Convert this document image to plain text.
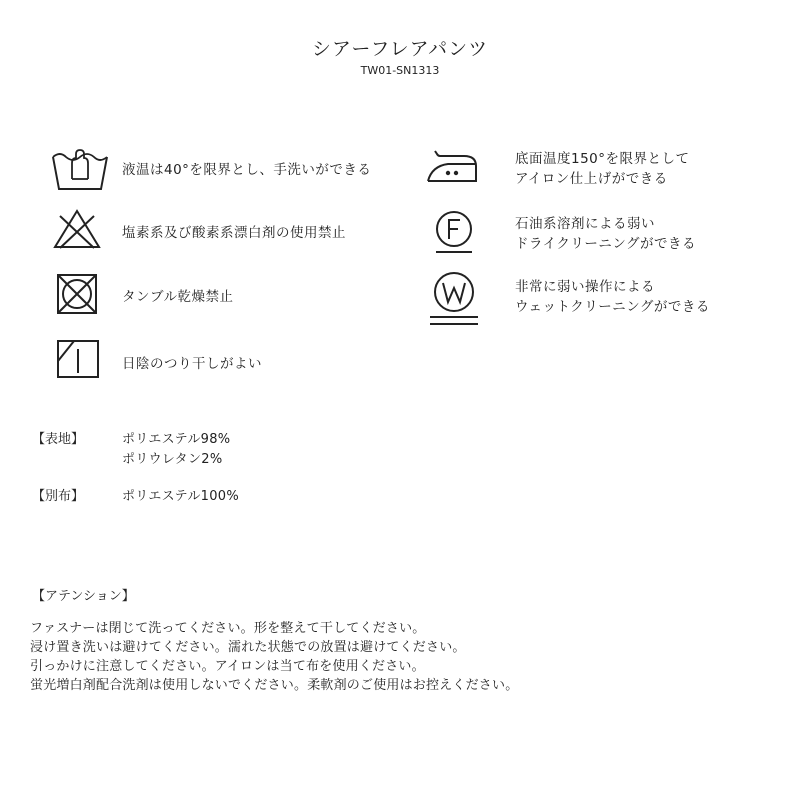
シアーフレアパンツ
TW01-SN1313
液温は40°を限界とし、手洗いができる
塩素系及び酸素系漂白剤の使用禁止
タンブル乾燥禁止
日陰のつり干しがよい
底面温度150°を限界として
アイロン仕上げができる
石油系溶剤による弱い
ドライクリーニングができる
非常に弱い操作による
ウェットクリーニングができる
【表地】	ポリエステル98%
ポリウレタン2%
【別布】	ポリエステル100%
【アテンション】
ファスナーは閉じて洗ってください。形を整えて干してください。
浸け置き洗いは避けてください。濡れた状態での放置は避けてください。
引っかけに注意してください。アイロンは当て布を使用ください。
蛍光増白剤配合洗剤は使用しないでください。柔軟剤のご使用はお控えください。
